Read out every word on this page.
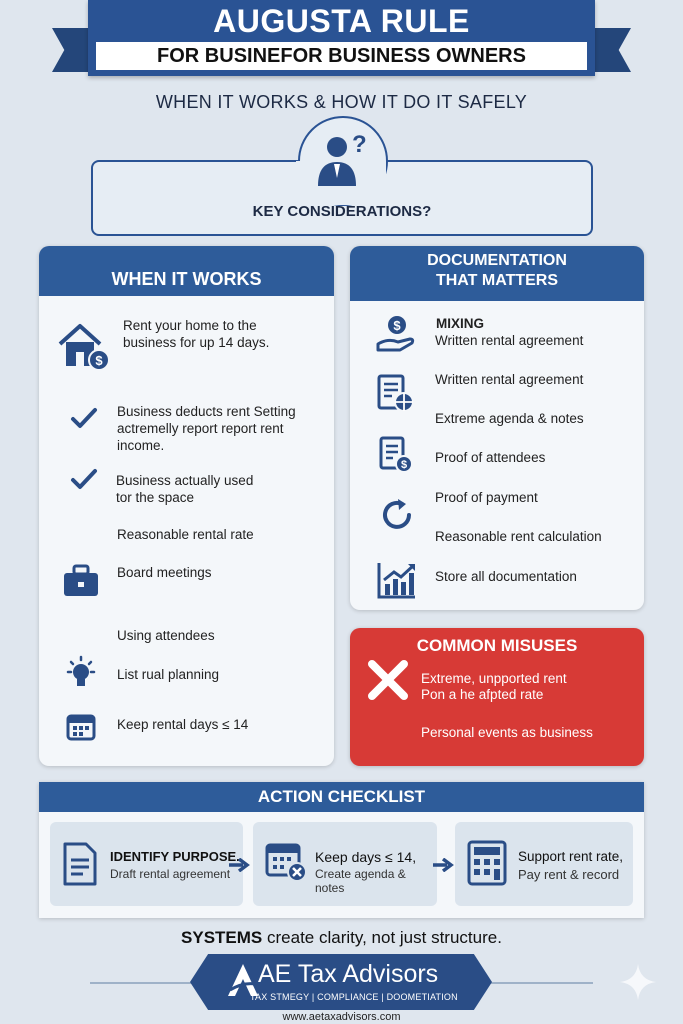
AUGUSTA RULE
FOR BUSINEFOR BUSINESS OWNERS
WHEN IT WORKS & HOW IT DO IT SAFELY
?
KEY CONSIDERATIONS?
WHEN IT WORKS
$
Rent your home to the business for up 14 days.
Business deducts rent Setting actremelly report report rent income.
Business actually used tor the space
Reasonable rental rate
Board meetings
Using attendees
List rual planning
Keep rental days ≤ 14
DOCUMENTATION THAT MATTERS
$	MIXING
Written rental agreement
Written rental agreement
Extreme agenda & notes
$ Proof of attendees
Proof of payment
Reasonable rent calculation
Store all documentation
COMMON MISUSES
Extreme, unpported rent
Pon a he afpted rate
Personal events as business
ACTION CHECKLIST
IDENTIFY PURPOSE.
Draft rental agreement
Keep days ≤ 14,
Create agenda & notes
Support rent rate,
Pay rent & record
SYSTEMS create clarity, not just structure.
AE Tax Advisors
TAX STMEGY | COMPLIANCE | DOOMETIATION
www.aetaxadvisors.com
